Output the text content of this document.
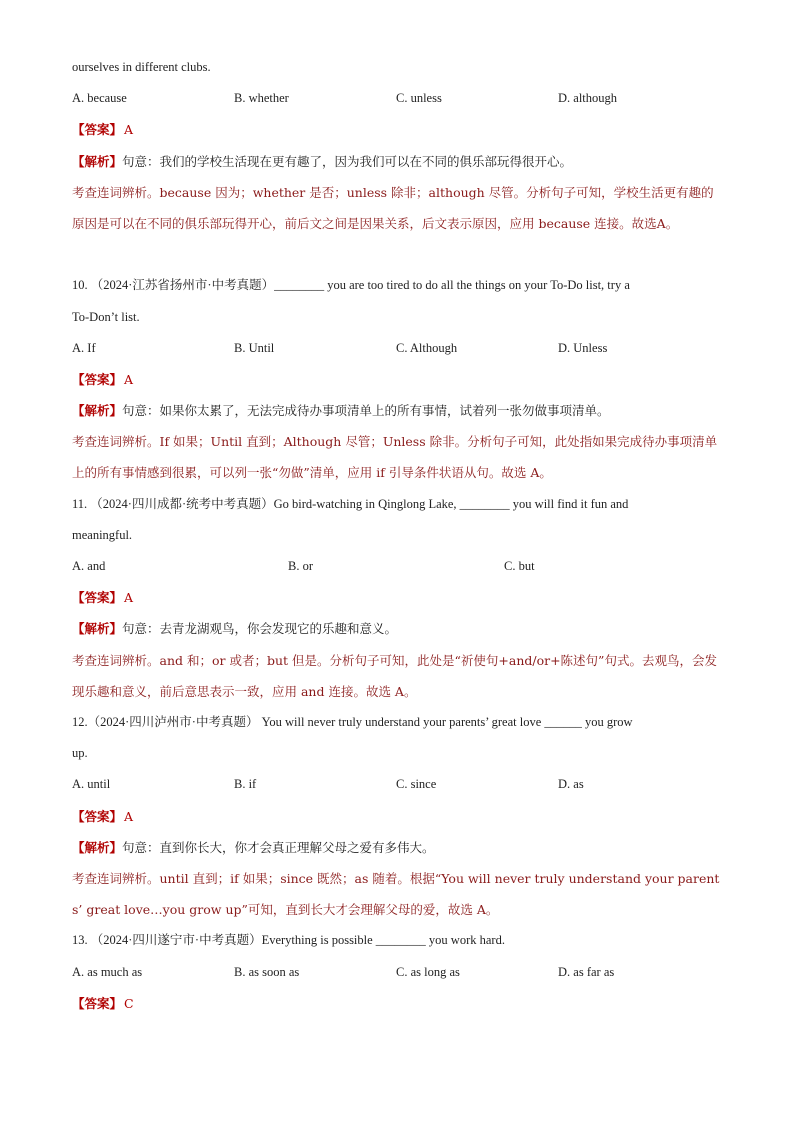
ourselves in different clubs.
A. because	B. whether	C. unless	D. although
【答案】 A
【解析】句意：我们的学校生活现在更有趣了，因为我们可以在不同的俱乐部玩得很开心。
考查连词辨析。because 因为；whether 是否；unless 除非；although 尽管。分析句子可知，学校生活更有趣的原因是可以在不同的俱乐部玩得开心，前后文之间是因果关系，后文表示原因，应用 because 连接。故选A。
10. （2024·江苏省扬州市·中考真题）________ you are too tired to do all the things on your To-Do list, try a
To-Don’t list.
A. If	B. Until	C. Although	D. Unless
【答案】 A
【解析】句意：如果你太累了，无法完成待办事项清单上的所有事情，试着列一张勿做事项清单。
考查连词辨析。If 如果；Until 直到；Although 尽管；Unless 除非。分析句子可知，此处指如果完成待办事项清单上的所有事情感到很累，可以列一张“勿做”清单，应用 if 引导条件状语从句。故选 A。
11. （2024·四川成都·统考中考真题）Go bird-watching in Qinglong Lake, ________ you will find it fun and
meaningful.
A. and	B. or	C. but
【答案】 A
【解析】句意：去青龙湖观鸟，你会发现它的乐趣和意义。
考查连词辨析。and 和；or 或者；but 但是。分析句子可知，此处是“祈使句+and/or+陈述句”句式。去观鸟，会发现乐趣和意义，前后意思表示一致，应用 and 连接。故选 A。
12.（2024·四川泸州市·中考真题） You will never truly understand your parents’ great love ______ you grow
up.
A. until	B. if	C. since	D. as
【答案】 A
【解析】句意：直到你长大，你才会真正理解父母之爱有多伟大。
考查连词辨析。until 直到；if 如果；since 既然；as 随着。根据“You will never truly understand your parents’ great love…you grow up”可知，直到长大才会理解父母的爱，故选 A。
13. （2024·四川遂宁市·中考真题）Everything is possible ________ you work hard.
A. as much as	B. as soon as	C. as long as	D. as far as
【答案】 C
